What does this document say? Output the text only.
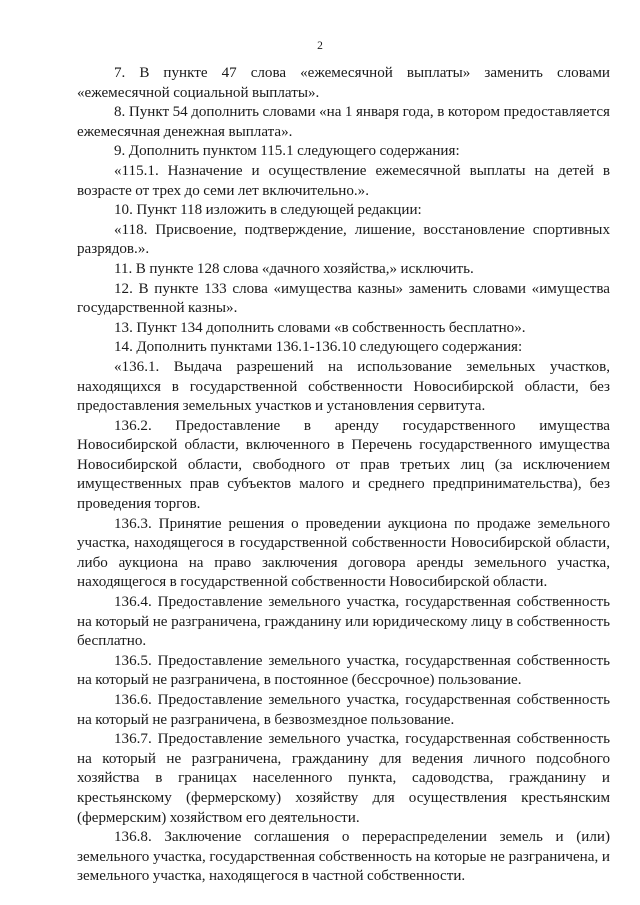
2

7. В пункте 47 слова «ежемесячной выплаты» заменить словами «ежемесячной социальной выплаты».

8. Пункт 54 дополнить словами «на 1 января года, в котором предоставляется ежемесячная денежная выплата».

9. Дополнить пунктом 115.1 следующего содержания:

«115.1. Назначение и осуществление ежемесячной выплаты на детей в возрасте от трех до семи лет включительно.».

10. Пункт 118 изложить в следующей редакции:

«118. Присвоение, подтверждение, лишение, восстановление спортивных разрядов.».

11. В пункте 128 слова «дачного хозяйства,» исключить.

12. В пункте 133 слова «имущества казны» заменить словами «имущества государственной казны».

13. Пункт 134 дополнить словами «в собственность бесплатно».

14. Дополнить пунктами 136.1-136.10 следующего содержания:

«136.1. Выдача разрешений на использование земельных участков, находящихся в государственной собственности Новосибирской области, без предоставления земельных участков и установления сервитута.

136.2. Предоставление в аренду государственного имущества Новосибирской области, включенного в Перечень государственного имущества Новосибирской области, свободного от прав третьих лиц (за исключением имущественных прав субъектов малого и среднего предпринимательства), без проведения торгов.

136.3. Принятие решения о проведении аукциона по продаже земельного участка, находящегося в государственной собственности Новосибирской области, либо аукциона на право заключения договора аренды земельного участка, находящегося в государственной собственности Новосибирской области.

136.4. Предоставление земельного участка, государственная собственность на который не разграничена, гражданину или юридическому лицу в собственность бесплатно.

136.5. Предоставление земельного участка, государственная собственность на который не разграничена, в постоянное (бессрочное) пользование.

136.6. Предоставление земельного участка, государственная собственность на который не разграничена, в безвозмездное пользование.

136.7. Предоставление земельного участка, государственная собственность на который не разграничена, гражданину для ведения личного подсобного хозяйства в границах населенного пункта, садоводства, гражданину и крестьянскому (фермерскому) хозяйству для осуществления крестьянским (фермерским) хозяйством его деятельности.

136.8. Заключение соглашения о перераспределении земель и (или) земельного участка, государственная собственность на которые не разграничена, и земельного участка, находящегося в частной собственности.
